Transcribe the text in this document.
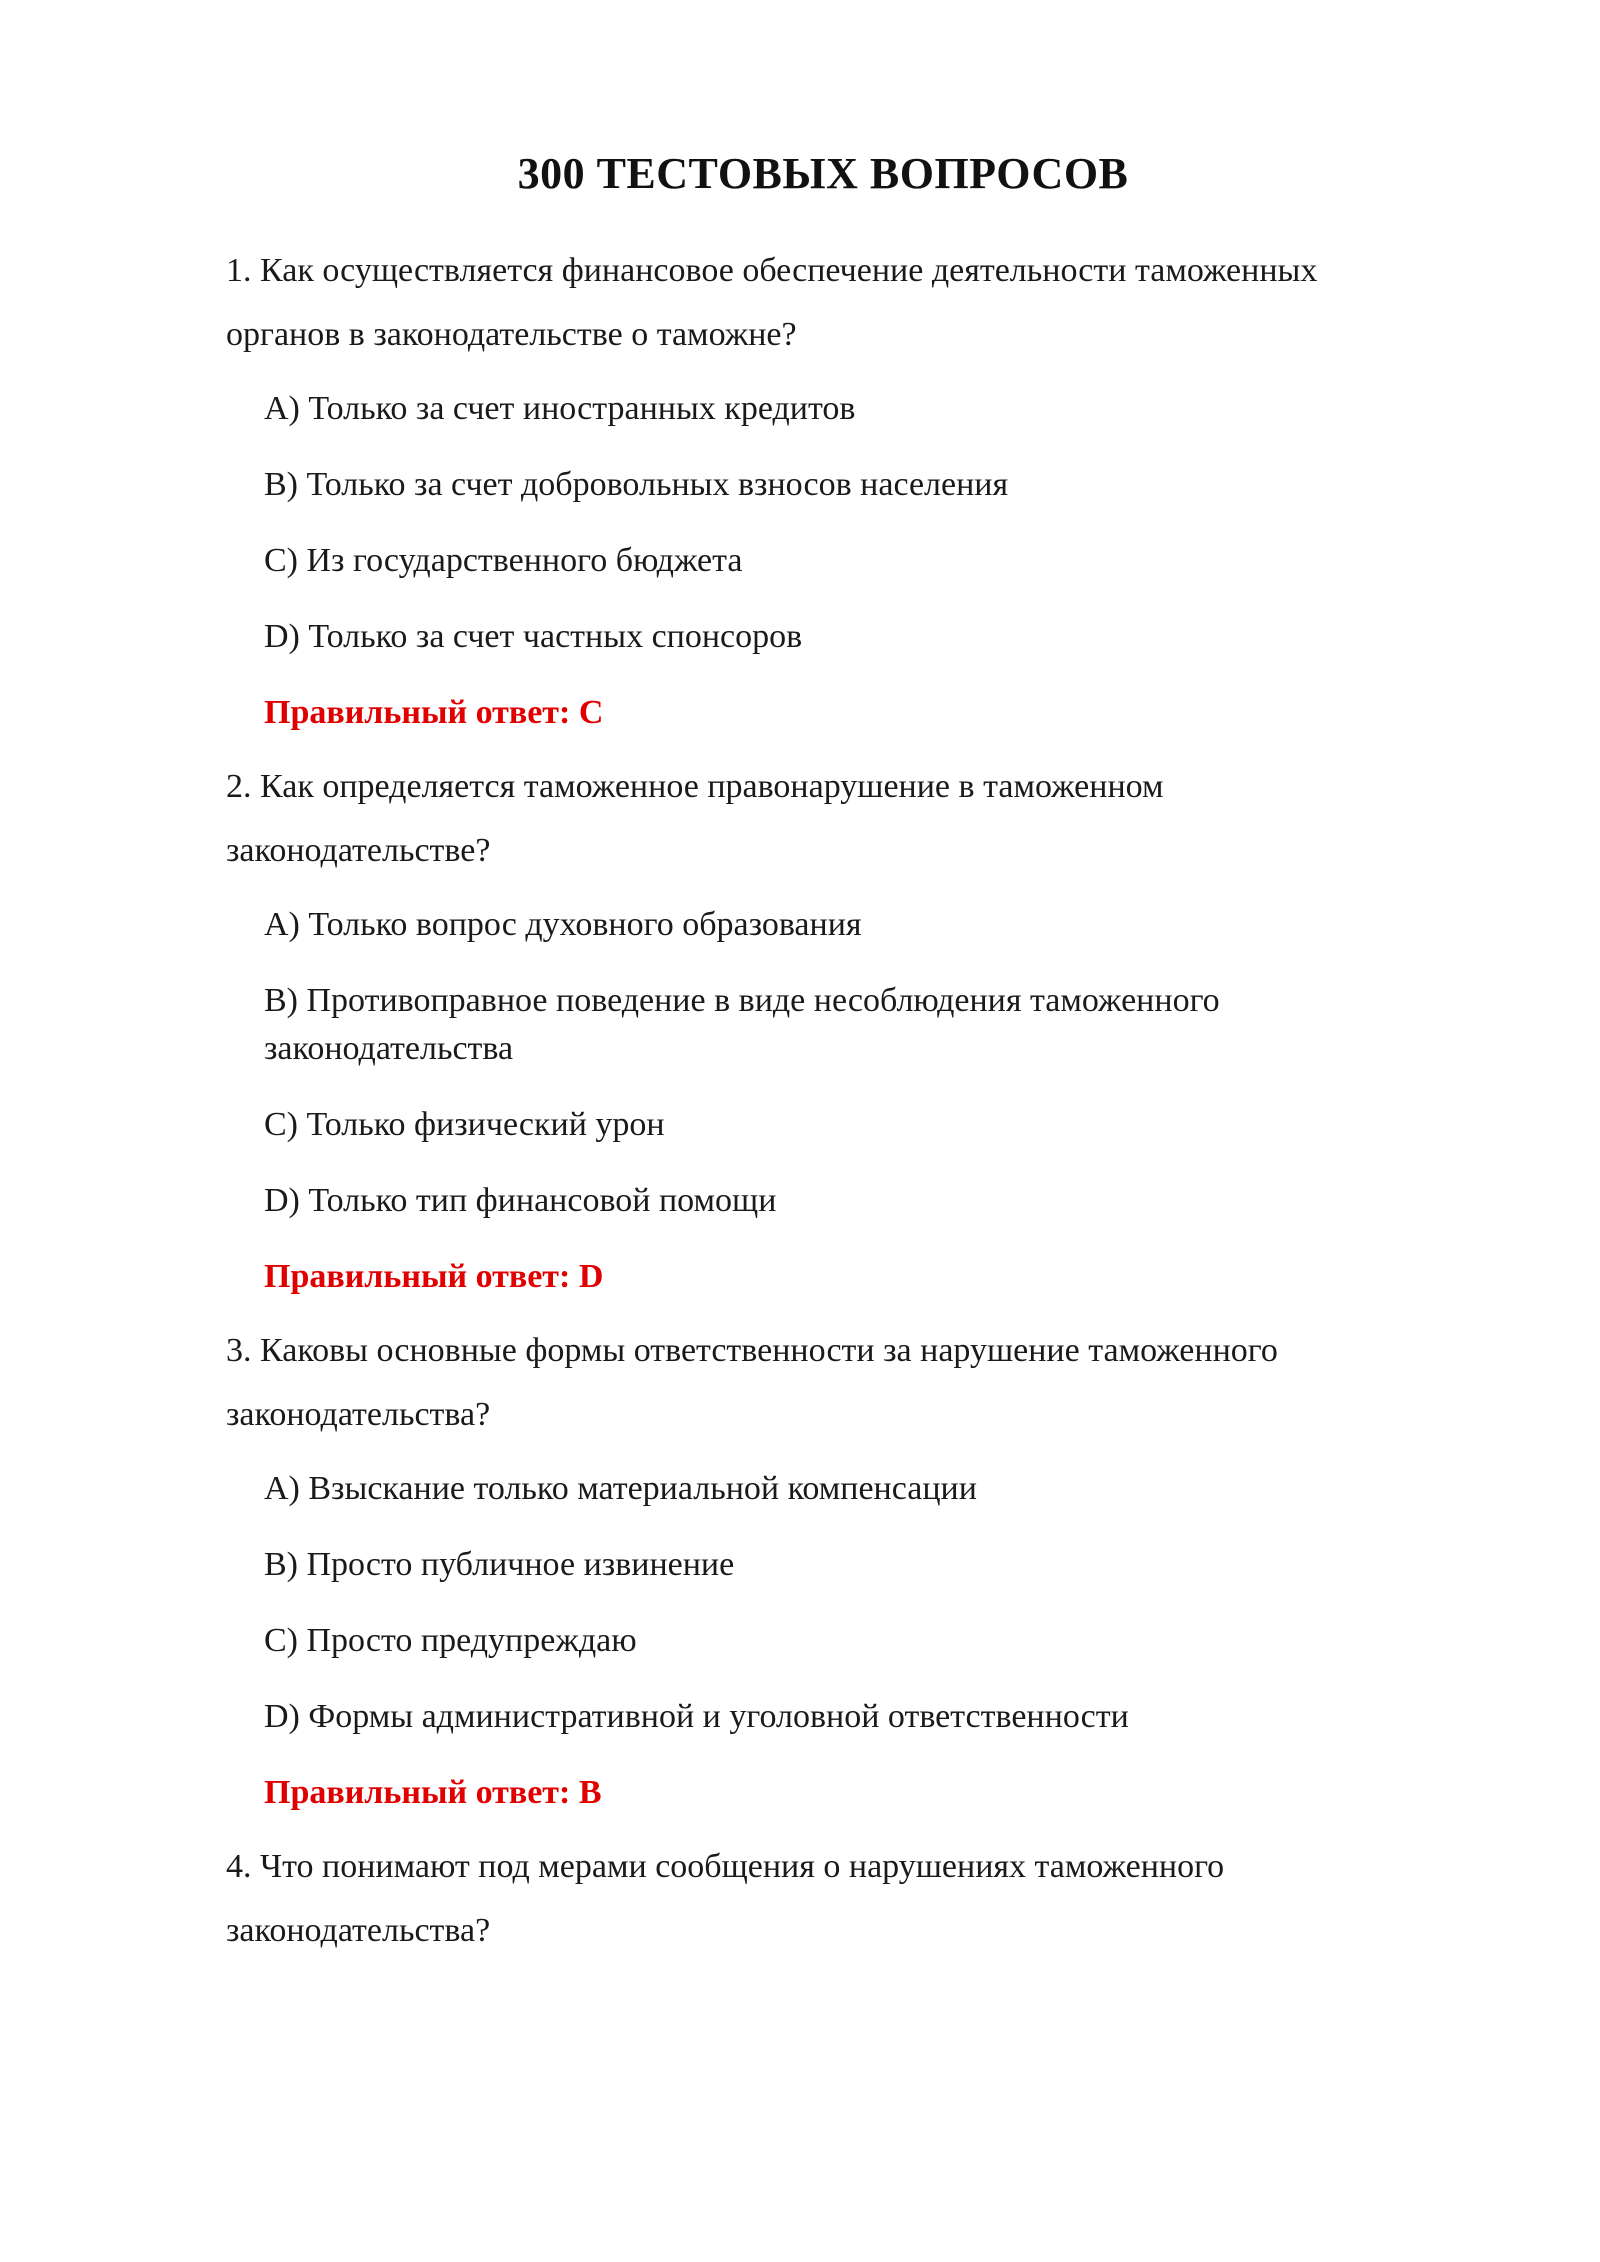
300 ТЕСТОВЫХ ВОПРОСОВ

1. Как осуществляется финансовое обеспечение деятельности таможенных органов в законодательстве о таможне?

A) Только за счет иностранных кредитов

B) Только за счет добровольных взносов населения

C) Из государственного бюджета

D) Только за счет частных спонсоров

Правильный ответ: C

2. Как определяется таможенное правонарушение в таможенном законодательстве?

A) Только вопрос духовного образования

B) Противоправное поведение в виде несоблюдения таможенного законодательства

C) Только физический урон

D) Только тип финансовой помощи

Правильный ответ: D

3. Каковы основные формы ответственности за нарушение таможенного законодательства?

A) Взыскание только материальной компенсации

B) Просто публичное извинение

C) Просто предупреждаю

D) Формы административной и уголовной ответственности

Правильный ответ: B

4. Что понимают под мерами сообщения о нарушениях таможенного законодательства?
